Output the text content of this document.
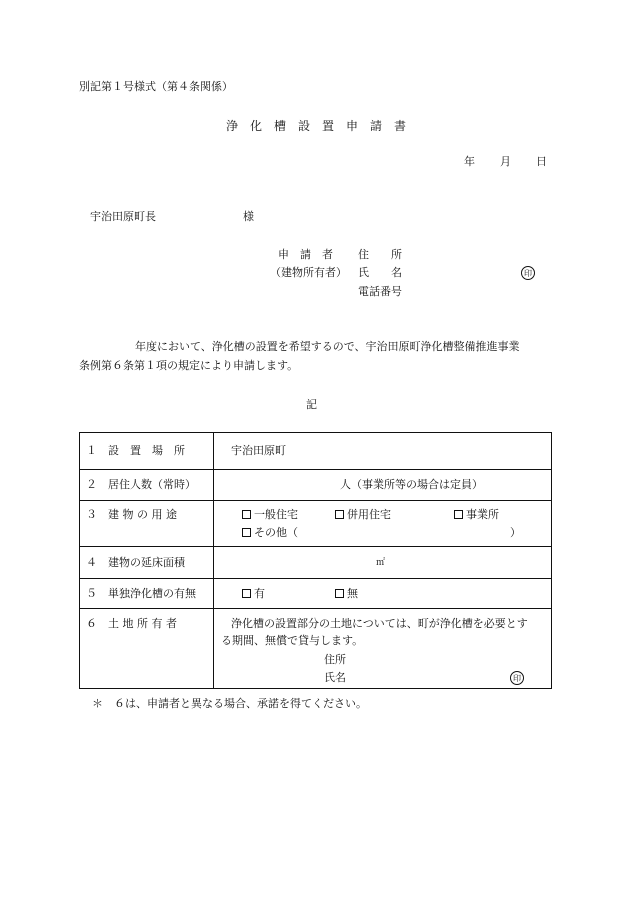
別記第１号様式（第４条関係）
浄　化　槽　設　置　申　請　書
年 月 日
宇治田原町長	様
申　請　者
（建物所有者）
住　　所
氏　　名
電話番号
印
年度において、浄化槽の設置を希望するので、宇治田原町浄化槽整備推進事業
条例第６条第１項の規定により申請します。
記
１　設　置　場　所	宇治田原町

２　居住人数（常時）	人（事業所等の場合は定員）

３　建 物 の 用 途	一般住宅 併用住宅 事業所
その他（ ）

４　建物の延床面積	㎡

５　単独浄化槽の有無	有 無

６　土 地 所 有 者	浄化槽の設置部分の土地については、町が浄化槽を必要とす
る期間、無償で貸与します。
住所
氏名 印
＊　６は、申請者と異なる場合、承諾を得てください。
